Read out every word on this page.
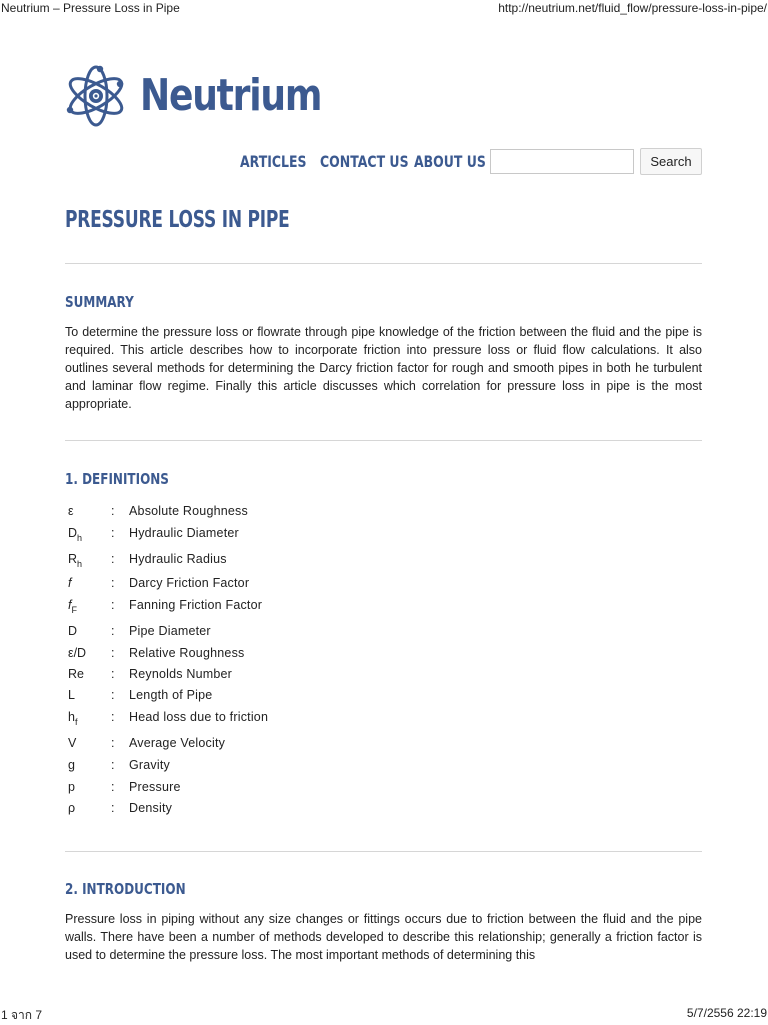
Neutrium – Pressure Loss in Pipe	http://neutrium.net/fluid_flow/pressure-loss-in-pipe/
Neutrium
ARTICLES CONTACT US ABOUT US	Search
PRESSURE LOSS IN PIPE
SUMMARY

To determine the pressure loss or flowrate through pipe knowledge of the friction between the fluid and the pipe is required. This article describes how to incorporate friction into pressure loss or fluid flow calculations. It also outlines several methods for determining the Darcy friction factor for rough and smooth pipes in both he turbulent and laminar flow regime. Finally this article discusses which correlation for pressure loss in pipe is the most appropriate.

1. DEFINITIONS
ε	: Absolute Roughness
$D_h$ : Hydraulic Diameter
$R_h$ : Hydraulic Radius
f	: Darcy Friction Factor
$f_F$	: Fanning Friction Factor
D	: Pipe Diameter
ε/D : Relative Roughness
Re : Reynolds Number
L	: Length of Pipe
$h_f$	: Head loss due to friction
V	: Average Velocity
g	: Gravity
p	: Pressure
ρ	: Density
2. INTRODUCTION

Pressure loss in piping without any size changes or fittings occurs due to friction between the fluid and the pipe walls. There have been a number of methods developed to describe this relationship; generally a friction factor is used to determine the pressure loss. The most important methods of determining this

1 จาก 7	5/7/2556 22:19
